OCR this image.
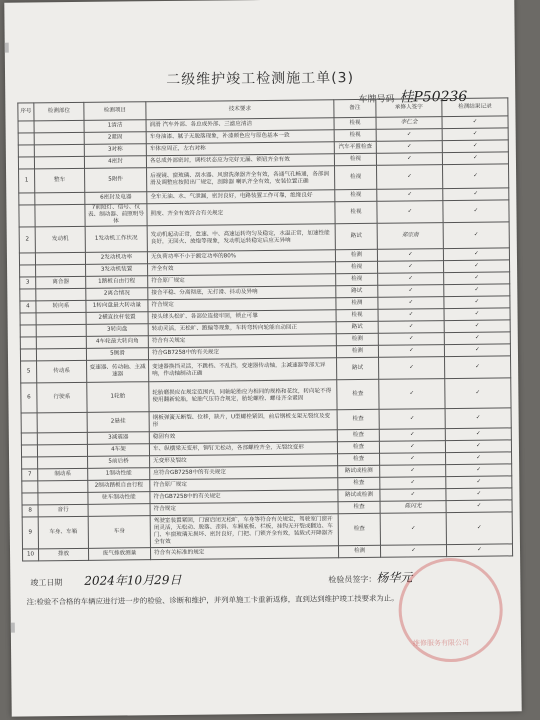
二级维护竣工检测施工单(3)
车牌号码 桂P50236
序号	检测部位	检测项目	技术要求	备注	承修人签字	检测结果记录
		1清洁	润滑 汽车外部、各总成外部、三滤应清洁	检视	李仁全	✓
		2紧固	车身油漆、腻子无脱落现象，补漆颜色应与原色基本一致	检视	✓	✓
		3对称	车体应周正，左右对称	汽车平置检查	✓	✓
		4密封	各总成外部密封，调校状态应为完好无漏、锁钮齐全有效	检视	✓	✓
1	整车	5附件	后视镜、窗玻璃、刮水器、风窗洗涤器齐全有效，各通气孔畅通，各部润滑及调整应按照出厂规定，刮除器 喇叭齐全有效，安装位置正确	检视	✓	✓
		6密封及电器	全车无油、水、气泄漏，密封良好，电路装置工作可靠，绝缘良好	检视	✓	✓
		7前照灯、信号、仪表、制动器、前照明导体	照度、齐全有效符合有关规定	检视	✓	✓
2	发动机	1发动机工作状况	发动机起动正常，怠速、中、高速运转均匀及稳定，水温正常，加速性能良好，无回火、放炮等现象，发动机运转稳定后应无异响	路试	郑宗南	✓
		2发动机功率	无负荷功率不小于额定功率的80%	检测	✓	✓
		3发动机装置	齐全有效	检视	✓	✓
3	离合器	1踏板自由行程	符合原厂规定	检视	✓	✓
		2离合情况	接合平稳、分离彻底，无打滑、抖动及异响	路试	✓	✓
4	转向系	1转向盘最大转动量	符合规定	检测	✓	✓
		2横直拉杆装置	接头球头松旷、各部位连接牢固，锁止可靠	检视	✓	✓
		3转向盘	转动灵活，无松旷、跑偏等现象，车转弯转向轮能自动回正	路试	✓	✓
		4车轮最大转向角	符合有关规定	检测	✓	✓
		5侧滑	符合GB7258中的有关规定	检测	✓	✓
5	传动系	变速器、传动轴、主减速器	变速器换挡灵活，不跳档、不乱挡，变速器传动轴，主减速器等部无异响，作动轴制动正确	路试	✓	✓
6	行驶系	1轮胎	轮胎磨损应在规定范围内，同轴轮胎应为相同的规格和花纹，转向轮不得使用翻新轮胎，轮胎气压符合规定，胎轮螺栓、螺母齐全紧固	检查	✓	✓
		2悬挂	钢板弹簧无断裂、位移，缺片，U型螺栓紧固，前后钢板支架无裂纹及变形	检查	✓	✓
		3减震器	稳固有效	检查	✓	✓
		4车架	车、纵横梁无变形，铆钉无松动，各部螺栓齐全，无裂纹变形	检查	✓	✓
		5前后桥	无变形及裂纹	检查	✓	✓
7	制动系	1制动性能	应符合GB7258中的有关规定	路试或检测	✓	✓
		2制动踏板自由行程	符合原厂规定	检查	✓	✓
		驻车制动性能	符合GB7258中的有关规定	路试或检测	✓	✓
8	音行		符合规定	检查	陈闪光	✓
9	车身、车箱	车身	驾驶室装置紧固，门窗启闭无松旷，车身等符合有关规定，驾驶室门窗开闭灵活，无松动、脱落、歪斜、车厢底板、栏板，挂钩无开裂或翻边、车门、车窗玻璃无损坏、密封良好，门把、门锁齐全有效，装载式开降器齐全有效	检查	✓	✓
10	排放	废气排放测量	符合有关标准的规定	检测	✓	✓
竣工日期 2024年10月29日	检验员签字： 杨华元
注:检验不合格的车辆应进行进一步的检验、诊断和维护，并列单施工卡重新返修，直到达到维护竣工技要求为止。
维修服务有限公司
